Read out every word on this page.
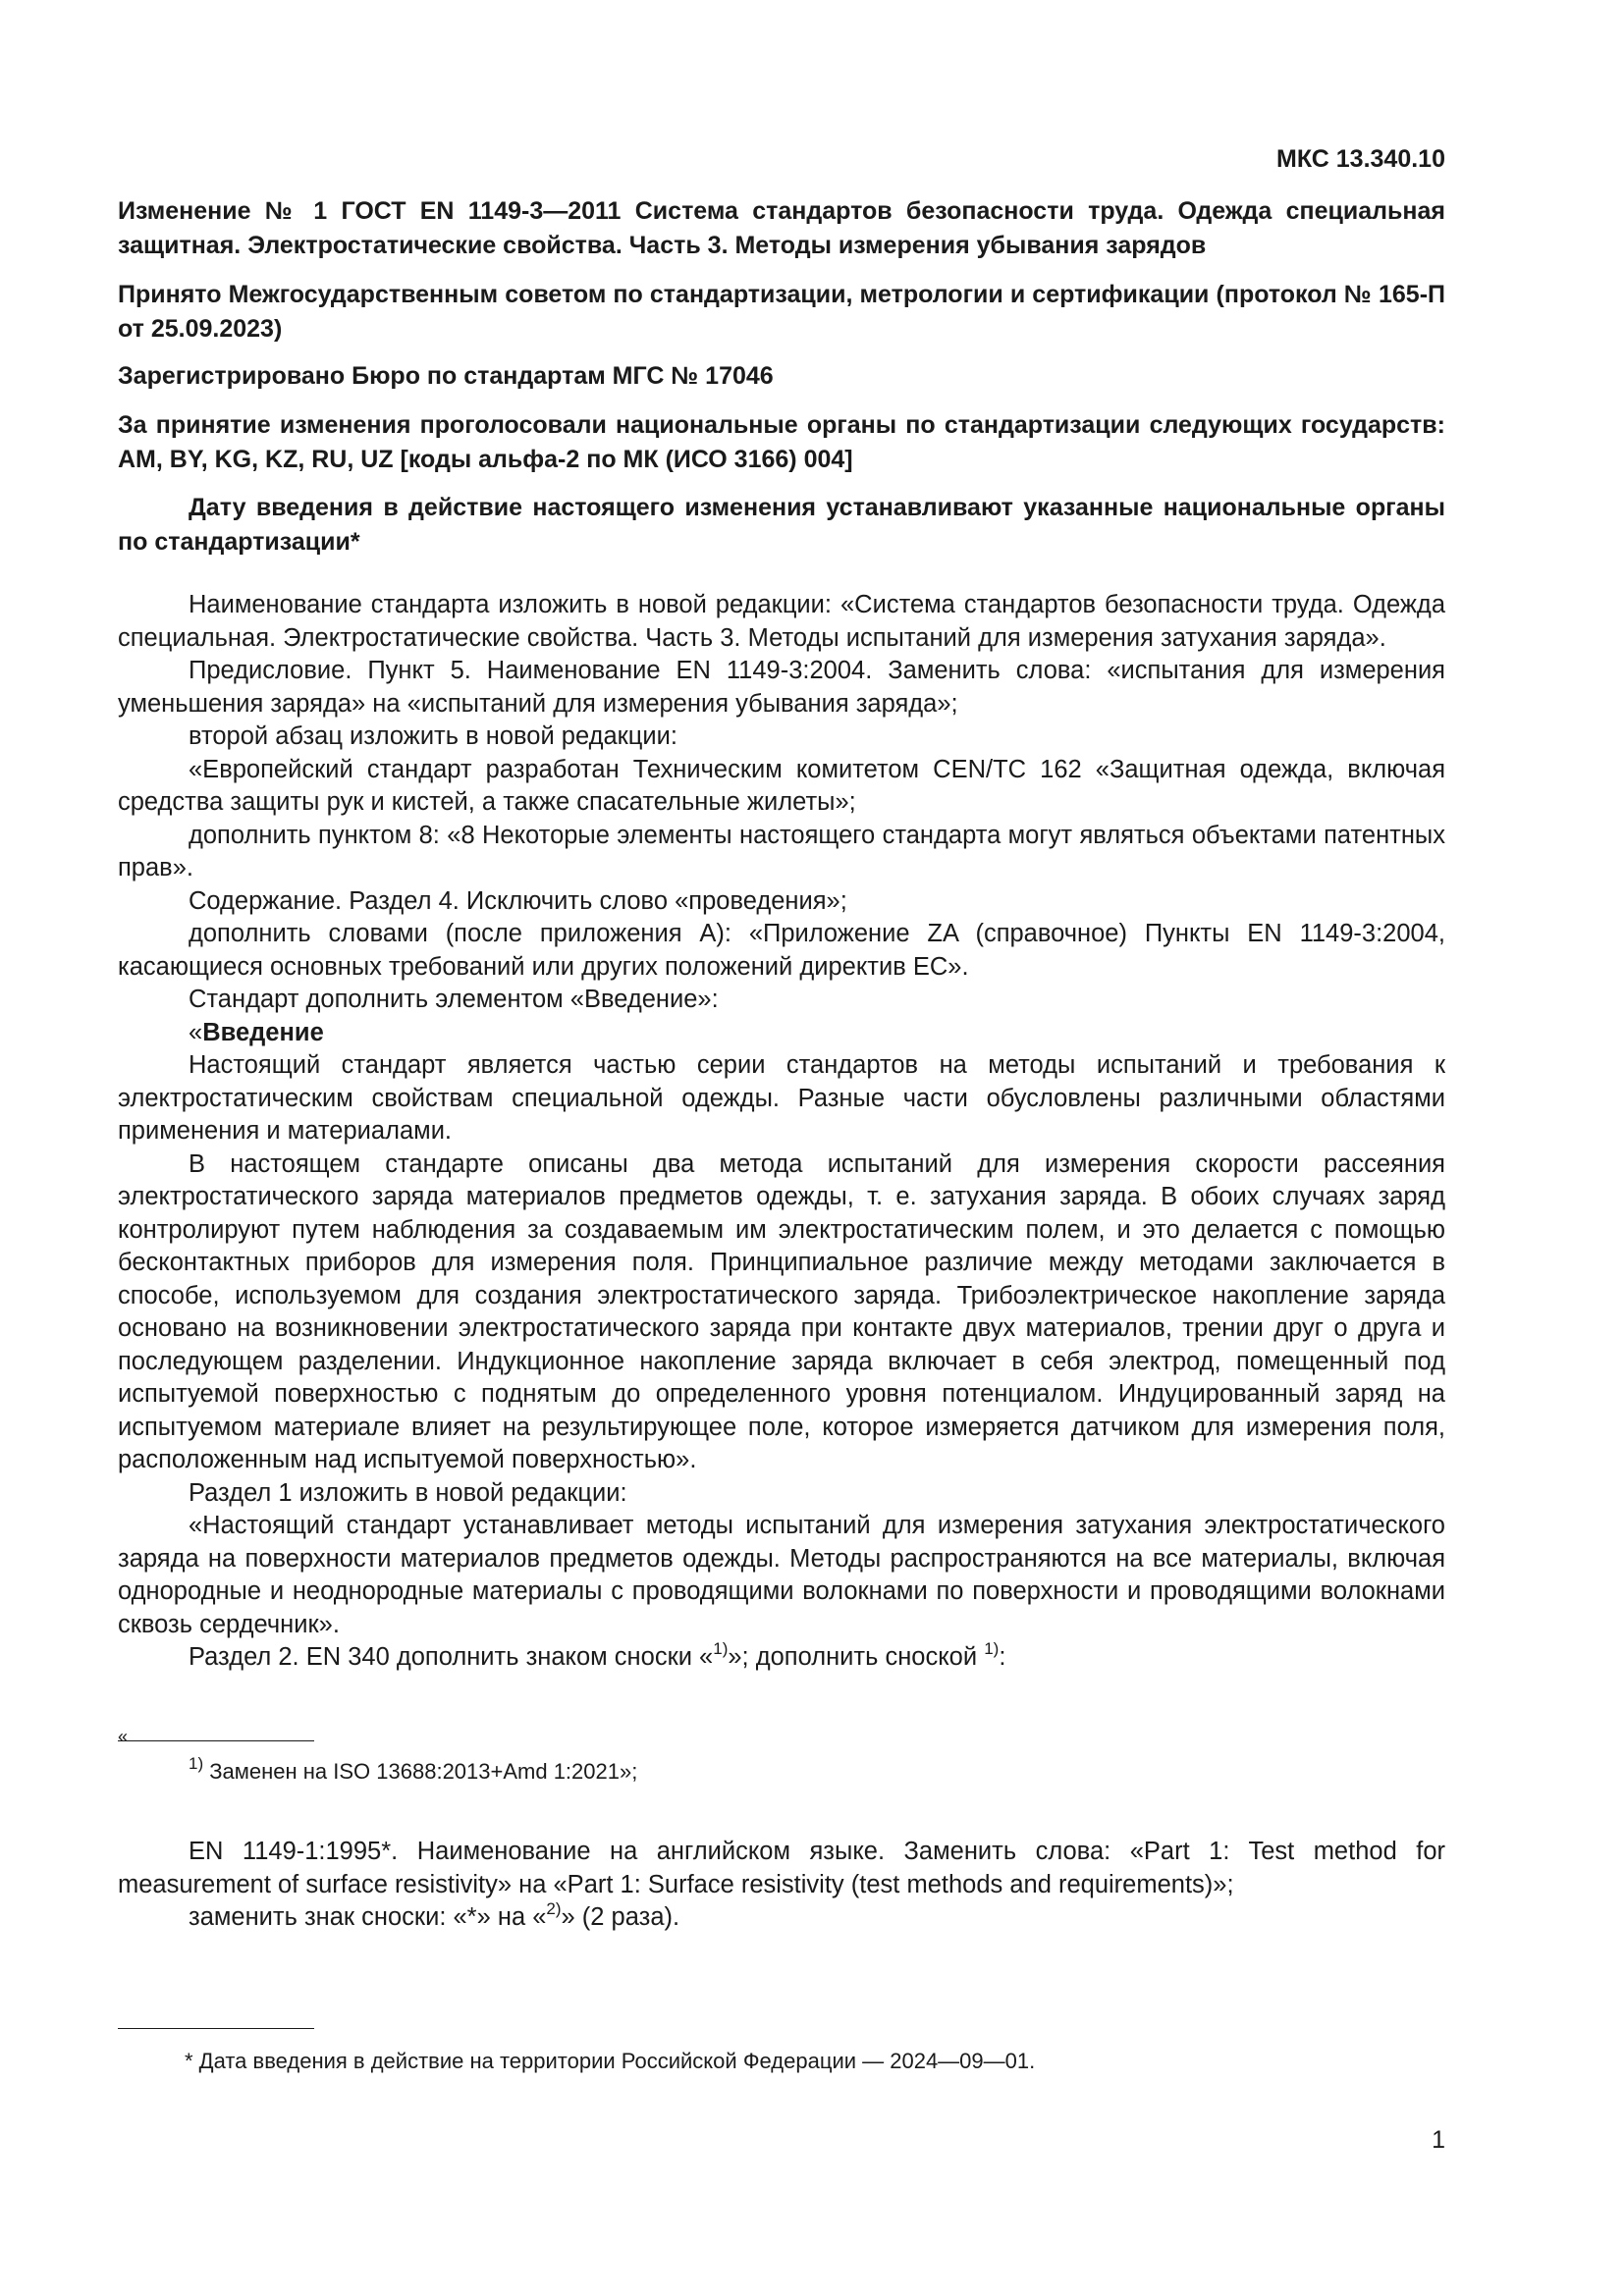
МКС 13.340.10

Изменение № 1 ГОСТ EN 1149-3—2011 Система стандартов безопасности труда. Одежда специальная защитная. Электростатические свойства. Часть 3. Методы измерения убывания зарядов

Принято Межгосударственным советом по стандартизации, метрологии и сертификации (протокол № 165-П от 25.09.2023)

Зарегистрировано Бюро по стандартам МГС № 17046

За принятие изменения проголосовали национальные органы по стандартизации следующих государств: AM, BY, KG, KZ, RU, UZ [коды альфа-2 по МК (ИСО 3166) 004]

Дату введения в действие настоящего изменения устанавливают указанные национальные органы по стандартизации*

Наименование стандарта изложить в новой редакции: «Система стандартов безопасности труда. Одежда специальная. Электростатические свойства. Часть 3. Методы испытаний для измерения затухания заряда».

Предисловие. Пункт 5. Наименование EN 1149-3:2004. Заменить слова: «испытания для измерения уменьшения заряда» на «испытаний для измерения убывания заряда»;

второй абзац изложить в новой редакции:

«Европейский стандарт разработан Техническим комитетом CEN/TC 162 «Защитная одежда, включая средства защиты рук и кистей, а также спасательные жилеты»;

дополнить пунктом 8: «8 Некоторые элементы настоящего стандарта могут являться объектами патентных прав».

Содержание. Раздел 4. Исключить слово «проведения»;

дополнить словами (после приложения А): «Приложение ZA (справочное) Пункты EN 1149-3:2004, касающиеся основных требований или других положений директив ЕС».

Стандарт дополнить элементом «Введение»:

«Введение

Настоящий стандарт является частью серии стандартов на методы испытаний и требования к электростатическим свойствам специальной одежды. Разные части обусловлены различными областями применения и материалами.

В настоящем стандарте описаны два метода испытаний для измерения скорости рассеяния электростатического заряда материалов предметов одежды, т. е. затухания заряда. В обоих случаях заряд контролируют путем наблюдения за создаваемым им электростатическим полем, и это делается с помощью бесконтактных приборов для измерения поля. Принципиальное различие между методами заключается в способе, используемом для создания электростатического заряда. Трибоэлектрическое накопление заряда основано на возникновении электростатического заряда при контакте двух материалов, трении друг о друга и последующем разделении. Индукционное накопление заряда включает в себя электрод, помещенный под испытуемой поверхностью с поднятым до определенного уровня потенциалом. Индуцированный заряд на испытуемом материале влияет на результирующее поле, которое измеряется датчиком для измерения поля, расположенным над испытуемой поверхностью».

Раздел 1 изложить в новой редакции:

«Настоящий стандарт устанавливает методы испытаний для измерения затухания электростатического заряда на поверхности материалов предметов одежды. Методы распространяются на все материалы, включая однородные и неоднородные материалы с проводящими волокнами по поверхности и проводящими волокнами сквозь сердечник».

Раздел 2. EN 340 дополнить знаком сноски «$^{1)}$»; дополнить сноской $^{1)}$:

«
$^{1)}$ Заменен на ISO 13688:2013+Amd 1:2021»;

EN 1149-1:1995*. Наименование на английском языке. Заменить слова: «Part 1: Test method for measurement of surface resistivity» на «Part 1: Surface resistivity (test methods and requirements)»;

заменить знак сноски: «*» на «$^{2)}$» (2 раза).

* Дата введения в действие на территории Российской Федерации — 2024—09—01.
1
